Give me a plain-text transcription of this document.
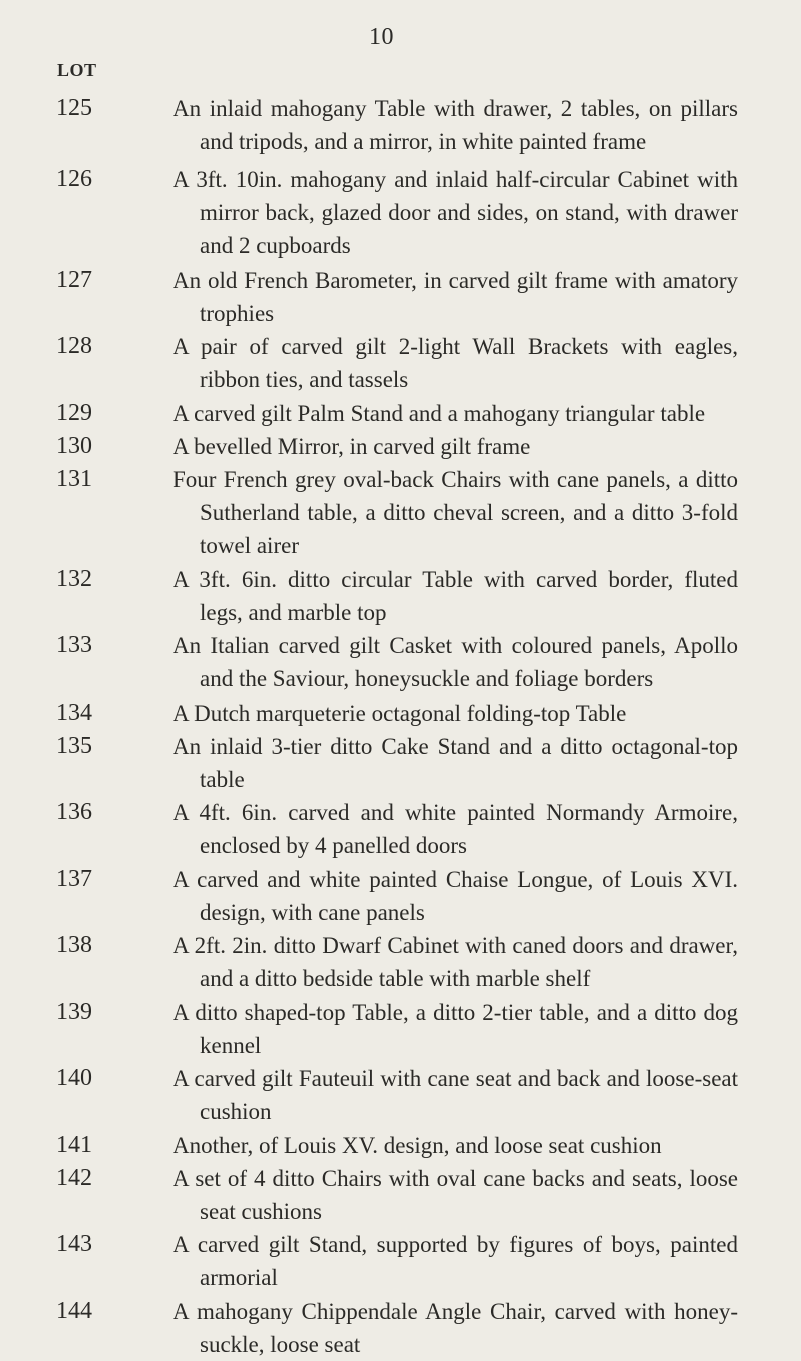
10
LOT
125	An inlaid mahogany Table with drawer, 2 tables, on pillars and tripods, and a mirror, in white painted frame
126	A 3ft. 10in. mahogany and inlaid half-circular Cabinet with mirror back, glazed door and sides, on stand, with drawer and 2 cupboards
127	An old French Barometer, in carved gilt frame with amatory trophies
128	A pair of carved gilt 2-light Wall Brackets with eagles, ribbon ties, and tassels
129	A carved gilt Palm Stand and a mahogany triangular table
130	A bevelled Mirror, in carved gilt frame
131	Four French grey oval-back Chairs with cane panels, a ditto Sutherland table, a ditto cheval screen, and a ditto 3-fold towel airer
132	A 3ft. 6in. ditto circular Table with carved border, fluted legs, and marble top
133	An Italian carved gilt Casket with coloured panels, Apollo and the Saviour, honeysuckle and foliage borders
134	A Dutch marqueterie octagonal folding-top Table
135	An inlaid 3-tier ditto Cake Stand and a ditto octagonal-top table
136	A 4ft. 6in. carved and white painted Normandy Armoire, enclosed by 4 panelled doors
137	A carved and white painted Chaise Longue, of Louis XVI. design, with cane panels
138	A 2ft. 2in. ditto Dwarf Cabinet with caned doors and drawer, and a ditto bedside table with marble shelf
139	A ditto shaped-top Table, a ditto 2-tier table, and a ditto dog kennel
140	A carved gilt Fauteuil with cane seat and back and loose-seat cushion
141	Another, of Louis XV. design, and loose seat cushion
142	A set of 4 ditto Chairs with oval cane backs and seats, loose seat cushions
143	A carved gilt Stand, supported by figures of boys, painted armorial
144	A mahogany Chippendale Angle Chair, carved with honey-suckle, loose seat
